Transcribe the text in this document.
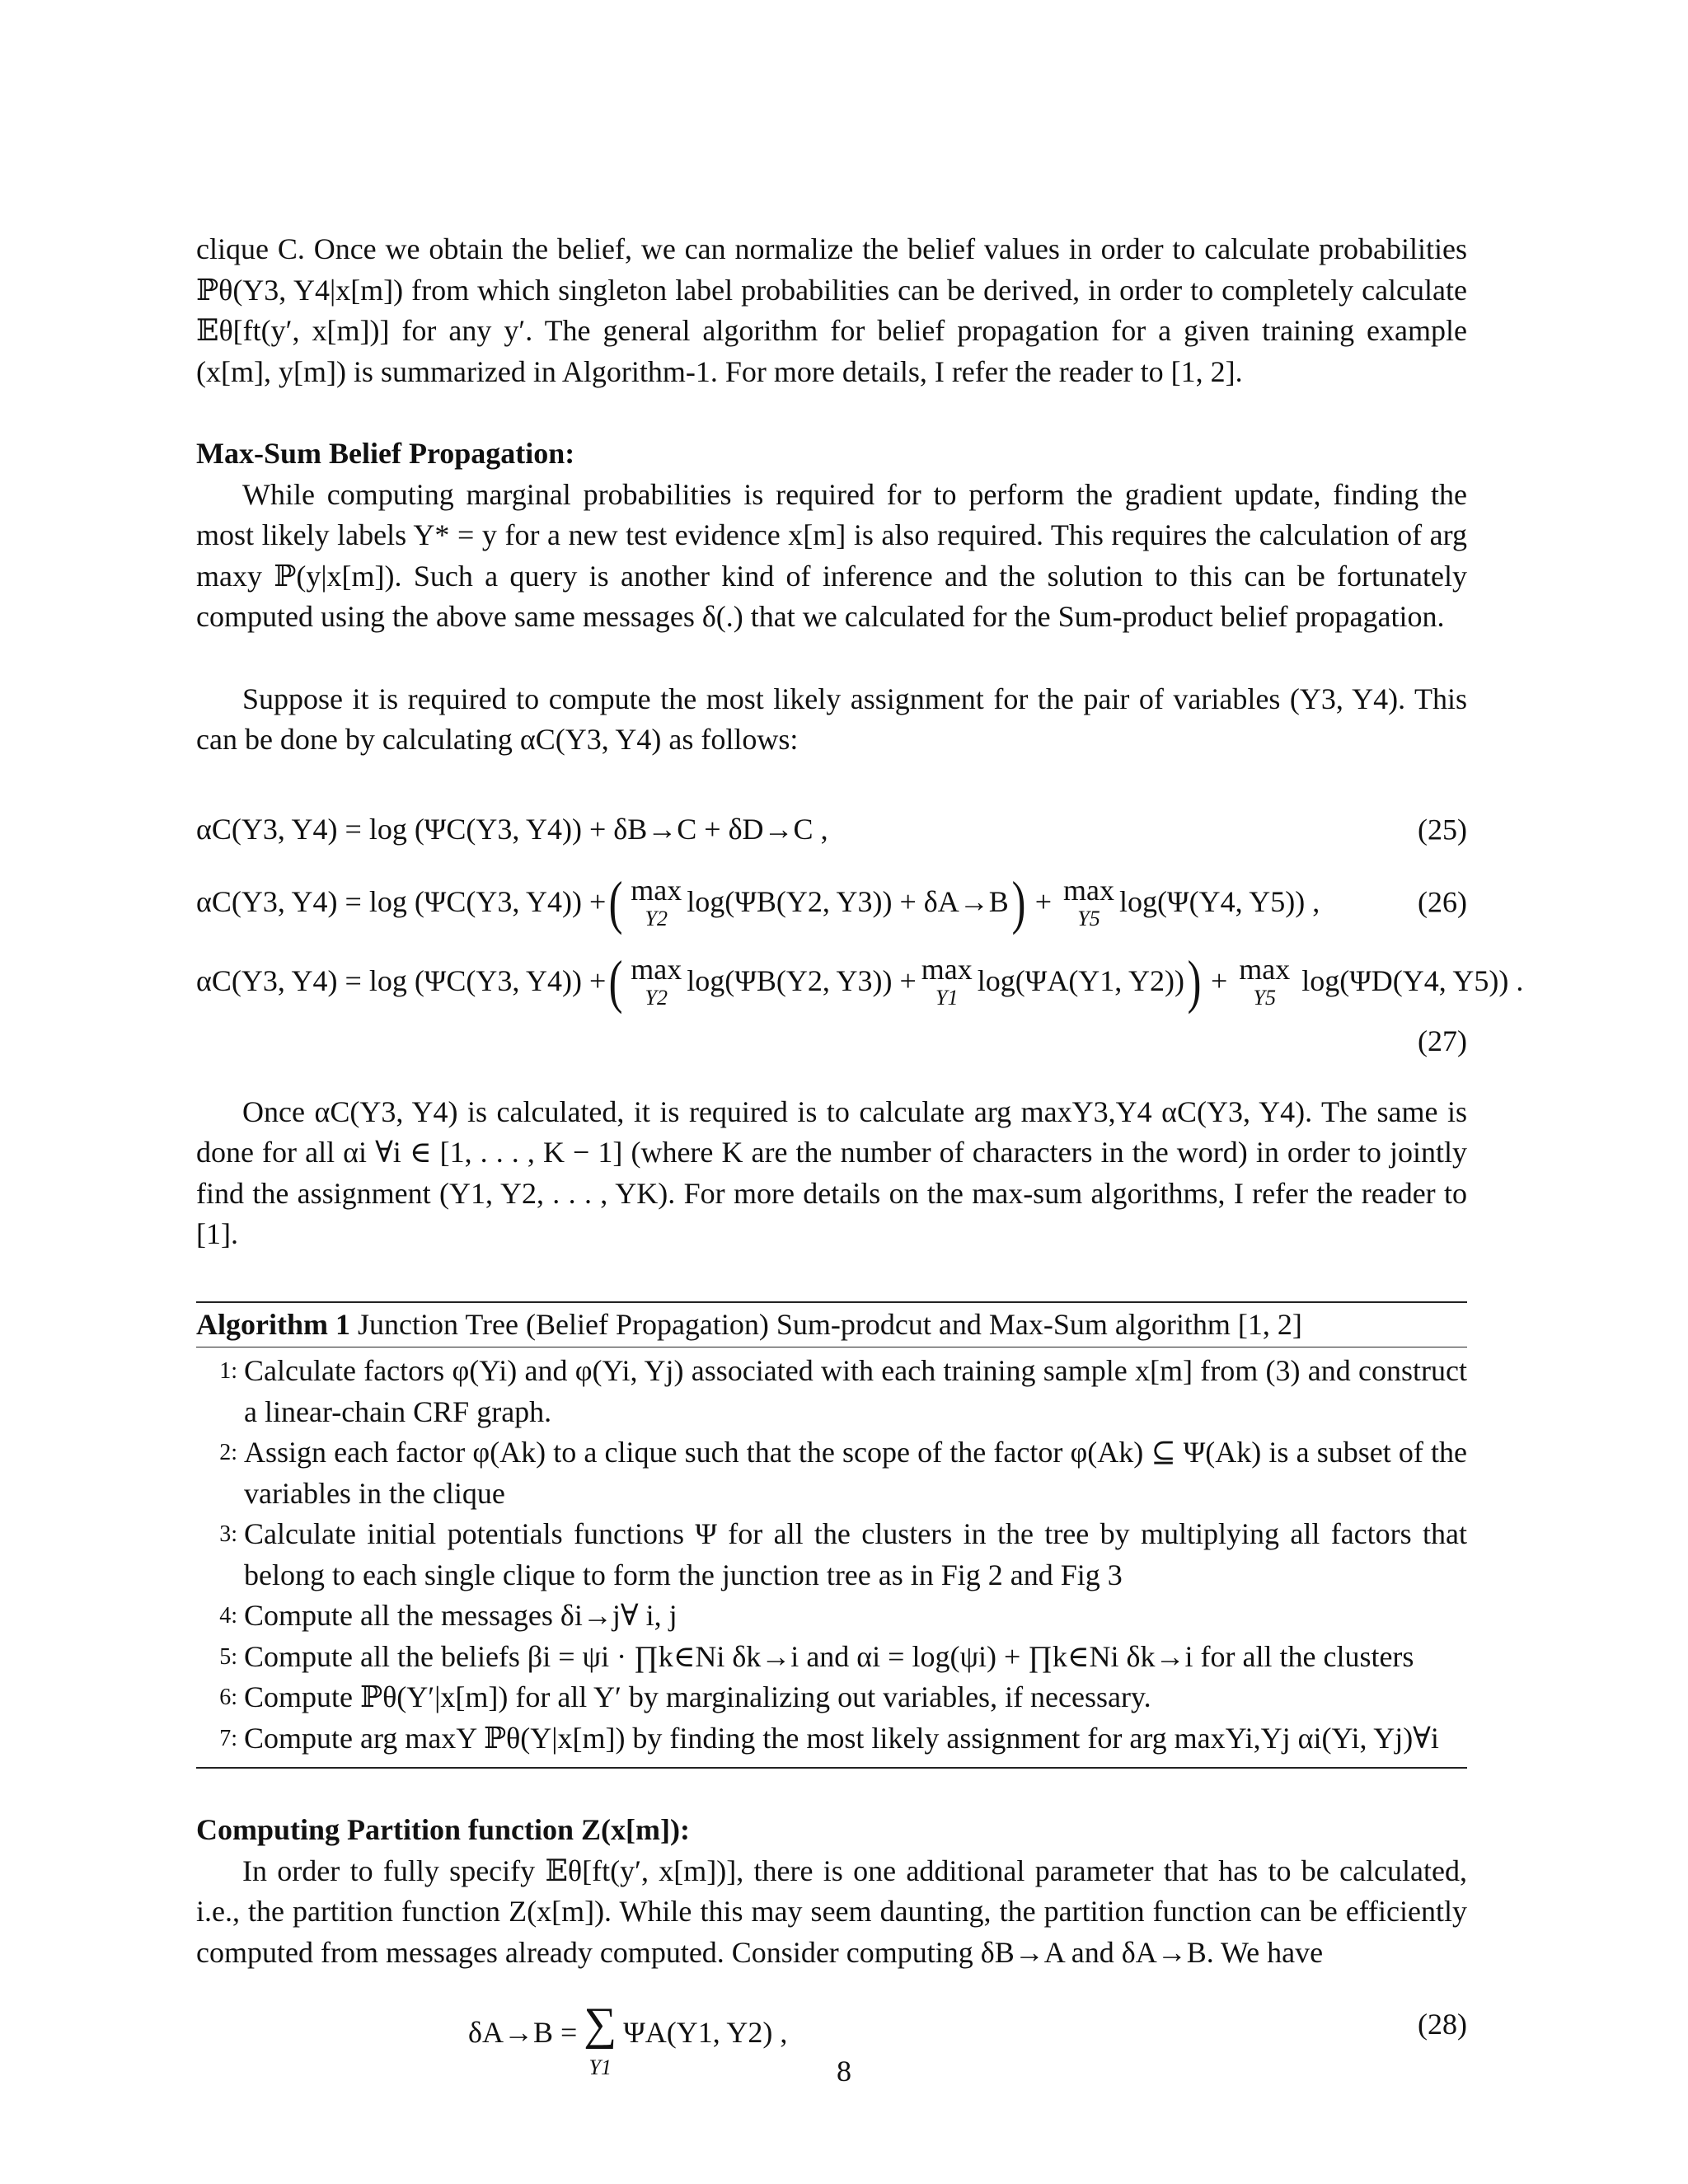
clique C. Once we obtain the belief, we can normalize the belief values in order to calculate probabilities ℙθ(Y3, Y4|x[m]) from which singleton label probabilities can be derived, in order to completely calculate 𝔼θ[ft(y′, x[m])] for any y′. The general algorithm for belief propagation for a given training example (x[m], y[m]) is summarized in Algorithm-1. For more details, I refer the reader to [1, 2].

Max-Sum Belief Propagation:

While computing marginal probabilities is required for to perform the gradient update, finding the most likely labels Y* = y for a new test evidence x[m] is also required. This requires the calculation of arg maxy ℙ(y|x[m]). Such a query is another kind of inference and the solution to this can be fortunately computed using the above same messages δ(.) that we calculated for the Sum-product belief propagation.

Suppose it is required to compute the most likely assignment for the pair of variables (Y3, Y4). This can be done by calculating αC(Y3, Y4) as follows:

αC(Y3, Y4) = log (ΨC(Y3, Y4)) + δB→C + δD→C ,	(25)
αC(Y3, Y4) = log (ΨC(Y3, Y4)) + ( max
Y2
log(ΨB(Y2, Y3)) + δA→B ) + max
Y5
log(Ψ(Y4, Y5)) ,	(26)
αC(Y3, Y4) = log (ΨC(Y3, Y4)) + ( max
Y2
log(ΨB(Y2, Y3)) + max
Y1
log(ΨA(Y1, Y2)) ) + max
Y5
log(ΨD(Y4, Y5)) .
(27)

Once αC(Y3, Y4) is calculated, it is required is to calculate arg maxY3,Y4 αC(Y3, Y4). The same is done for all αi ∀i ∈ [1, . . . , K − 1] (where K are the number of characters in the word) in order to jointly find the assignment (Y1, Y2, . . . , YK). For more details on the max-sum algorithms, I refer the reader to [1].

Algorithm 1 Junction Tree (Belief Propagation) Sum-prodcut and Max-Sum algorithm [1, 2]
1: Calculate factors φ(Yi) and φ(Yi, Yj) associated with each training sample x[m] from (3) and construct a linear-chain CRF graph.
2: Assign each factor φ(Ak) to a clique such that the scope of the factor φ(Ak) ⊆ Ψ(Ak) is a subset of the variables in the clique
3: Calculate initial potentials functions Ψ for all the clusters in the tree by multiplying all factors that belong to each single clique to form the junction tree as in Fig 2 and Fig 3
4: Compute all the messages δi→j∀ i, j
5: Compute all the beliefs βi = ψi · ∏k∈Ni δk→i and αi = log(ψi) + ∏k∈Ni δk→i for all the clusters
6: Compute ℙθ(Y′|x[m]) for all Y′ by marginalizing out variables, if necessary.
7: Compute arg maxY ℙθ(Y|x[m]) by finding the most likely assignment for arg maxYi,Yj αi(Yi, Yj)∀i

Computing Partition function Z(x[m]):

In order to fully specify 𝔼θ[ft(y′, x[m])], there is one additional parameter that has to be calculated, i.e., the partition function Z(x[m]). While this may seem daunting, the partition function can be efficiently computed from messages already computed. Consider computing δB→A and δA→B. We have

δA→B = ∑
Y1
ΨA(Y1, Y2) ,	(28)
8
